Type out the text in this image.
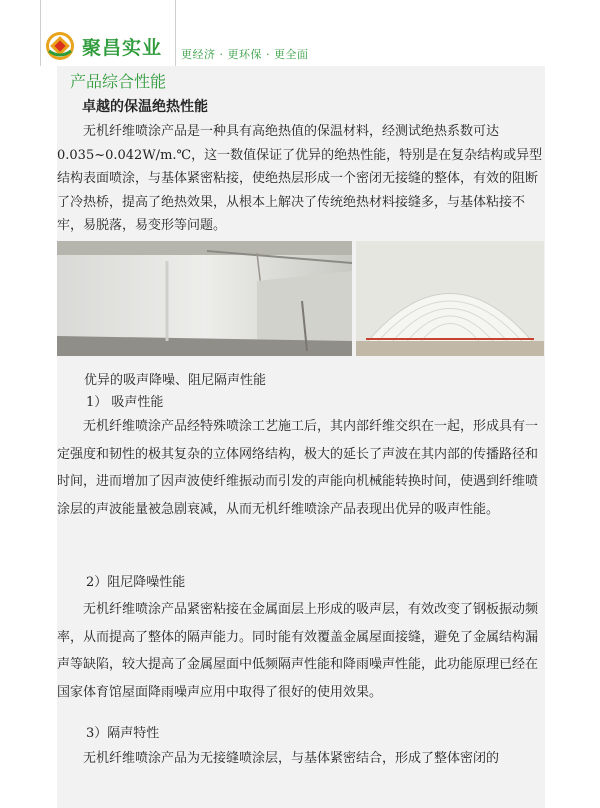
聚昌实业 更经济 · 更环保 · 更全面
产品综合性能
卓越的保温绝热性能
无机纤维喷涂产品是一种具有高绝热值的保温材料，经测试绝热系数可达0.035~0.042W/m.℃，这一数值保证了优异的绝热性能，特别是在复杂结构或异型结构表面喷涂，与基体紧密粘接，使绝热层形成一个密闭无接缝的整体，有效的阻断了冷热桥，提高了绝热效果，从根本上解决了传统绝热材料接缝多，与基体粘接不牢，易脱落，易变形等问题。
优异的吸声降噪、阻尼隔声性能
1） 吸声性能
无机纤维喷涂产品经特殊喷涂工艺施工后，其内部纤维交织在一起，形成具有一定强度和韧性的极其复杂的立体网络结构，极大的延长了声波在其内部的传播路径和时间，进而增加了因声波使纤维振动而引发的声能向机械能转换时间，使遇到纤维喷涂层的声波能量被急剧衰减，从而无机纤维喷涂产品表现出优异的吸声性能。
2）阻尼降噪性能
无机纤维喷涂产品紧密粘接在金属面层上形成的吸声层，有效改变了钢板振动频率，从而提高了整体的隔声能力。同时能有效覆盖金属屋面接缝，避免了金属结构漏声等缺陷，较大提高了金属屋面中低频隔声性能和降雨噪声性能，此功能原理已经在国家体育馆屋面降雨噪声应用中取得了很好的使用效果。
3）隔声特性
无机纤维喷涂产品为无接缝喷涂层，与基体紧密结合，形成了整体密闭的
